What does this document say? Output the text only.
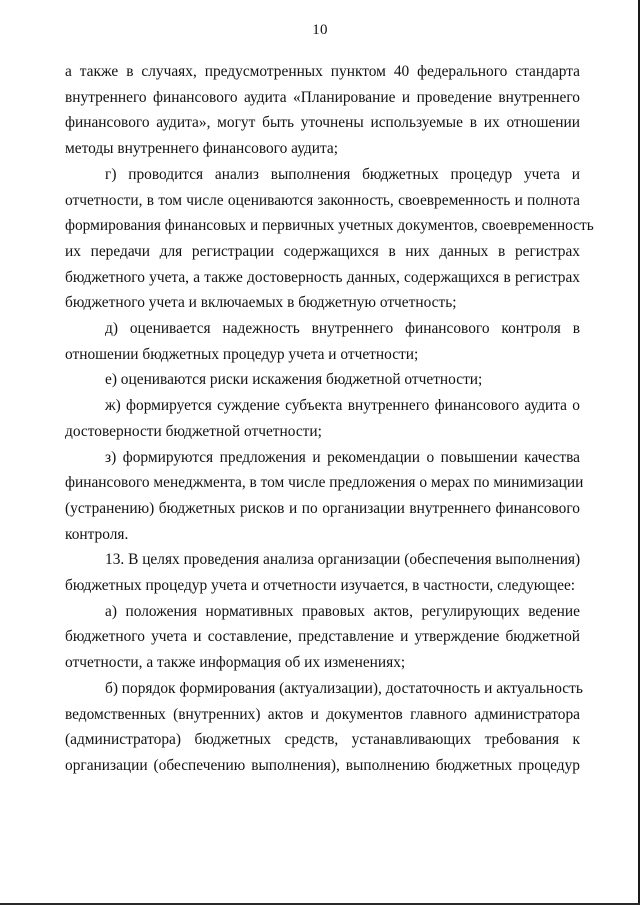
10

а также в случаях, предусмотренных пунктом 40 федерального стандарта
внутреннего финансового аудита «Планирование и проведение внутреннего
финансового аудита», могут быть уточнены используемые в их отношении
методы внутреннего финансового аудита;

г) проводится анализ выполнения бюджетных процедур учета и
отчетности, в том числе оцениваются законность, своевременность и полнота
формирования финансовых и первичных учетных документов, своевременность
их передачи для регистрации содержащихся в них данных в регистрах
бюджетного учета, а также достоверность данных, содержащихся в регистрах
бюджетного учета и включаемых в бюджетную отчетность;

д) оценивается надежность внутреннего финансового контроля в
отношении бюджетных процедур учета и отчетности;

е) оцениваются риски искажения бюджетной отчетности;

ж) формируется суждение субъекта внутреннего финансового аудита о
достоверности бюджетной отчетности;

з) формируются предложения и рекомендации о повышении качества
финансового менеджмента, в том числе предложения о мерах по минимизации
(устранению) бюджетных рисков и по организации внутреннего финансового
контроля.

13. В целях проведения анализа организации (обеспечения выполнения)
бюджетных процедур учета и отчетности изучается, в частности, следующее:

а) положения нормативных правовых актов, регулирующих ведение
бюджетного учета и составление, представление и утверждение бюджетной
отчетности, а также информация об их изменениях;

б) порядок формирования (актуализации), достаточность и актуальность
ведомственных (внутренних) актов и документов главного администратора
(администратора) бюджетных средств, устанавливающих требования к
организации (обеспечению выполнения), выполнению бюджетных процедур
